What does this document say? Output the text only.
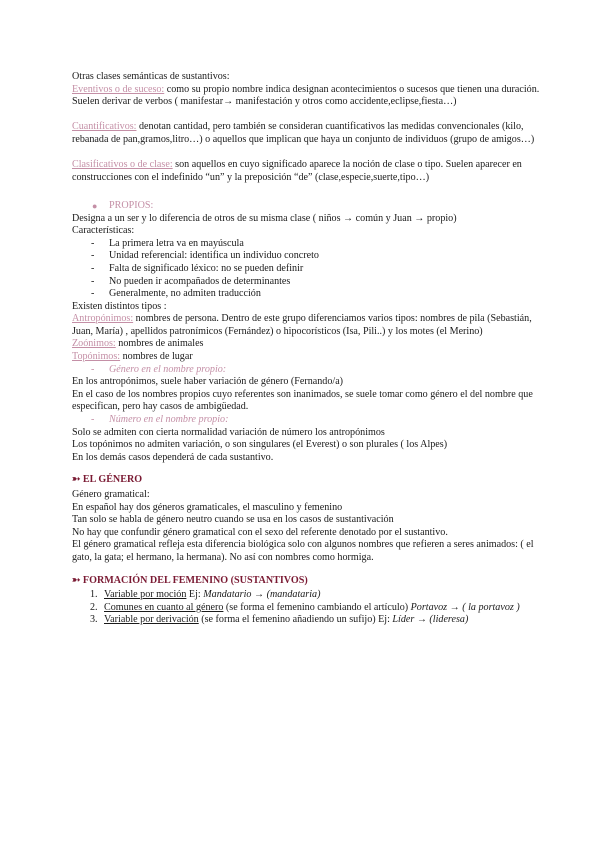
Otras clases semánticas de sustantivos:

Eventivos o de suceso: como su propio nombre indica designan acontecimientos o sucesos que tienen una duración. Suelen derivar de verbos ( manifestar→ manifestación y otros como accidente,eclipse,fiesta…)

Cuantificativos: denotan cantidad, pero también se consideran cuantificativos las medidas convencionales (kilo, rebanada de pan,gramos,litro…) o aquellos que implican que haya un conjunto de individuos (grupo de amigos…)

Clasificativos o de clase: son aquellos en cuyo significado aparece la noción de clase o tipo. Suelen aparecer en construcciones con el indefinido “un” y la preposición “de” (clase,especie,suerte,tipo…)

● PROPIOS:

Designa a un ser y lo diferencia de otros de su misma clase ( niños → común y Juan → propio)

Características:

- La primera letra va en mayúscula

- Unidad referencial: identifica un individuo concreto

- Falta de significado léxico: no se pueden definir

- No pueden ir acompañados de determinantes

- Generalmente, no admiten traducción

Existen distintos tipos :

Antropónimos: nombres de persona. Dentro de este grupo diferenciamos varios tipos: nombres de pila (Sebastián, Juan, María) , apellidos patronímicos (Fernández) o hipocorísticos (Isa, Pili..) y los motes (el Merino)

Zoónimos: nombres de animales

Topónimos: nombres de lugar

- Género en el nombre propio:

En los antropónimos, suele haber variación de género (Fernando/a)

En el caso de los nombres propios cuyo referentes son inanimados, se suele tomar como género el del nombre que especifican, pero hay casos de ambigüedad.

- Número en el nombre propio:

Solo se admiten con cierta normalidad variación de número los antropónimos

Los topónimos no admiten variación, o son singulares (el Everest) o son plurales ( los Alpes)

En los demás casos dependerá de cada sustantivo.

➳ EL GÉNERO

Género gramatical:

En español hay dos géneros gramaticales, el masculino y femenino

Tan solo se habla de género neutro cuando se usa en los casos de sustantivación

No hay que confundir género gramatical con el sexo del referente denotado por el sustantivo.

El género gramatical refleja esta diferencia biológica solo con algunos nombres que refieren a seres animados: ( el gato, la gata; el hermano, la hermana). No así con nombres como hormiga.

➳ FORMACIÓN DEL FEMENINO (SUSTANTIVOS)

1. Variable por moción Ej: Mandatario → (mandataria)
2. Comunes en cuanto al género (se forma el femenino cambiando el artículo) Portavoz → ( la portavoz )
3. Variable por derivación (se forma el femenino añadiendo un sufijo) Ej: Líder → (lideresa)
